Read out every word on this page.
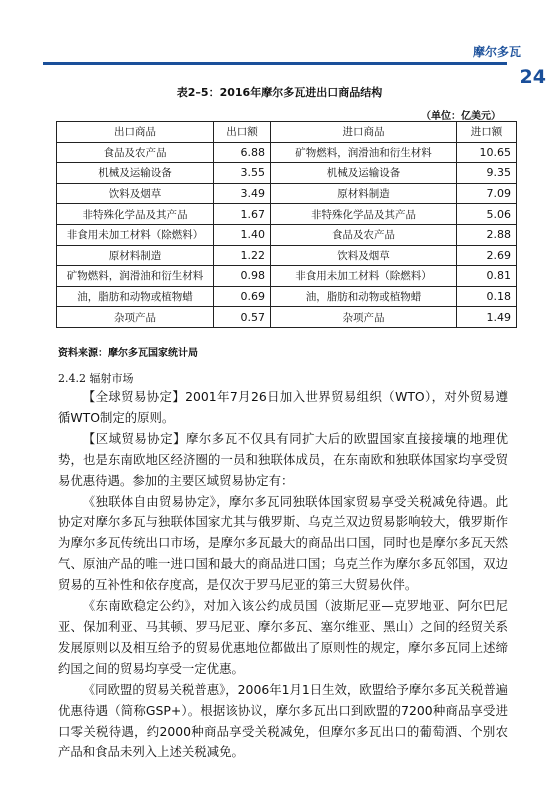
摩尔多瓦
24
表2–5：2016年摩尔多瓦进出口商品结构
（单位：亿美元）
出口商品	出口额	进口商品	进口额
食品及农产品	6.88	矿物燃料，润滑油和衍生材料	10.65
机械及运输设备	3.55	机械及运输设备	9.35
饮料及烟草	3.49	原材料制造	7.09
非特殊化学品及其产品	1.67	非特殊化学品及其产品	5.06
非食用未加工材料（除燃料）	1.40	食品及农产品	2.88
原材料制造	1.22	饮料及烟草	2.69
矿物燃料，润滑油和衍生材料	0.98	非食用未加工材料（除燃料）	0.81
油，脂肪和动物或植物蜡	0.69	油，脂肪和动物或植物蜡	0.18
杂项产品	0.57	杂项产品	1.49
资料来源：摩尔多瓦国家统计局
2.4.2 辐射市场

【全球贸易协定】2001年7月26日加入世界贸易组织（WTO），对外贸易遵循WTO制定的原则。

【区域贸易协定】摩尔多瓦不仅具有同扩大后的欧盟国家直接接壤的地理优势，也是东南欧地区经济圈的一员和独联体成员，在东南欧和独联体国家均享受贸易优惠待遇。参加的主要区域贸易协定有：

《独联体自由贸易协定》，摩尔多瓦同独联体国家贸易享受关税减免待遇。此协定对摩尔多瓦与独联体国家尤其与俄罗斯、乌克兰双边贸易影响较大，俄罗斯作为摩尔多瓦传统出口市场，是摩尔多瓦最大的商品出口国，同时也是摩尔多瓦天然气、原油产品的唯一进口国和最大的商品进口国；乌克兰作为摩尔多瓦邻国，双边贸易的互补性和依存度高，是仅次于罗马尼亚的第三大贸易伙伴。

《东南欧稳定公约》，对加入该公约成员国（波斯尼亚—克罗地亚、阿尔巴尼亚、保加利亚、马其顿、罗马尼亚、摩尔多瓦、塞尔维亚、黑山）之间的经贸关系发展原则以及相互给予的贸易优惠地位都做出了原则性的规定，摩尔多瓦同上述缔约国之间的贸易均享受一定优惠。

《同欧盟的贸易关税普惠》，2006年1月1日生效，欧盟给予摩尔多瓦关税普遍优惠待遇（简称GSP+）。根据该协议，摩尔多瓦出口到欧盟的7200种商品享受进口零关税待遇，约2000种商品享受关税减免，但摩尔多瓦出口的葡萄酒、个别农产品和食品未列入上述关税减免。
